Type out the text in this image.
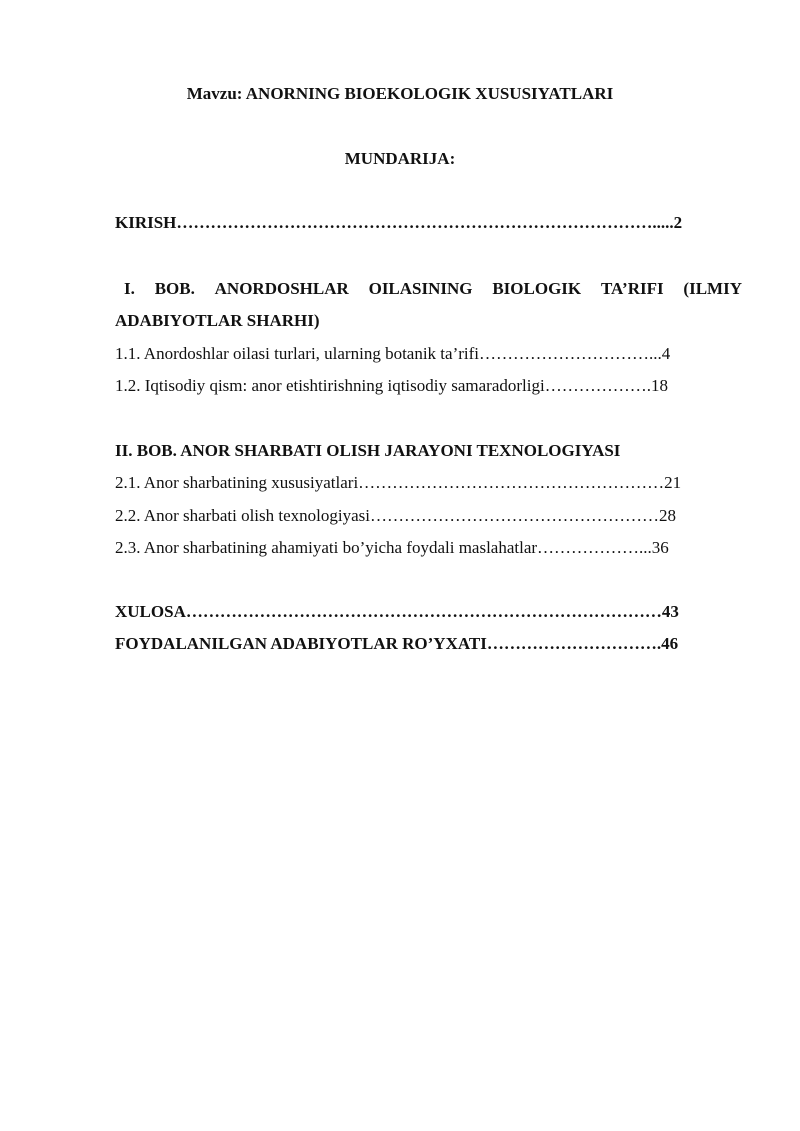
Mavzu: ANORNING BIOEKOLOGIK XUSUSIYATLARI
MUNDARIJA:
KIRISH………………………………………………………………………….....2
I. BOB. ANORDOSHLAR OILASINING BIOLOGIK TA’RIFI (ILMIY
ADABIYOTLAR SHARHI)
1.1. Anordoshlar oilasi turlari, ularning botanik ta’rifi…………………………...4
1.2. Iqtisodiy qism: anor etishtirishning iqtisodiy samaradorligi……………….18
II. BOB. ANOR SHARBATI OLISH JARAYONI TEXNOLOGIYASI
2.1. Anor sharbatining xususiyatlari………………………………………………21
2.2. Anor sharbati olish texnologiyasi……………………………………………28
2.3. Anor sharbatining ahamiyati bo’yicha foydali maslahatlar………………...36
XULOSA…………………………………………………………………………43
FOYDALANILGAN ADABIYOTLAR RO’YXATI………………………….46
